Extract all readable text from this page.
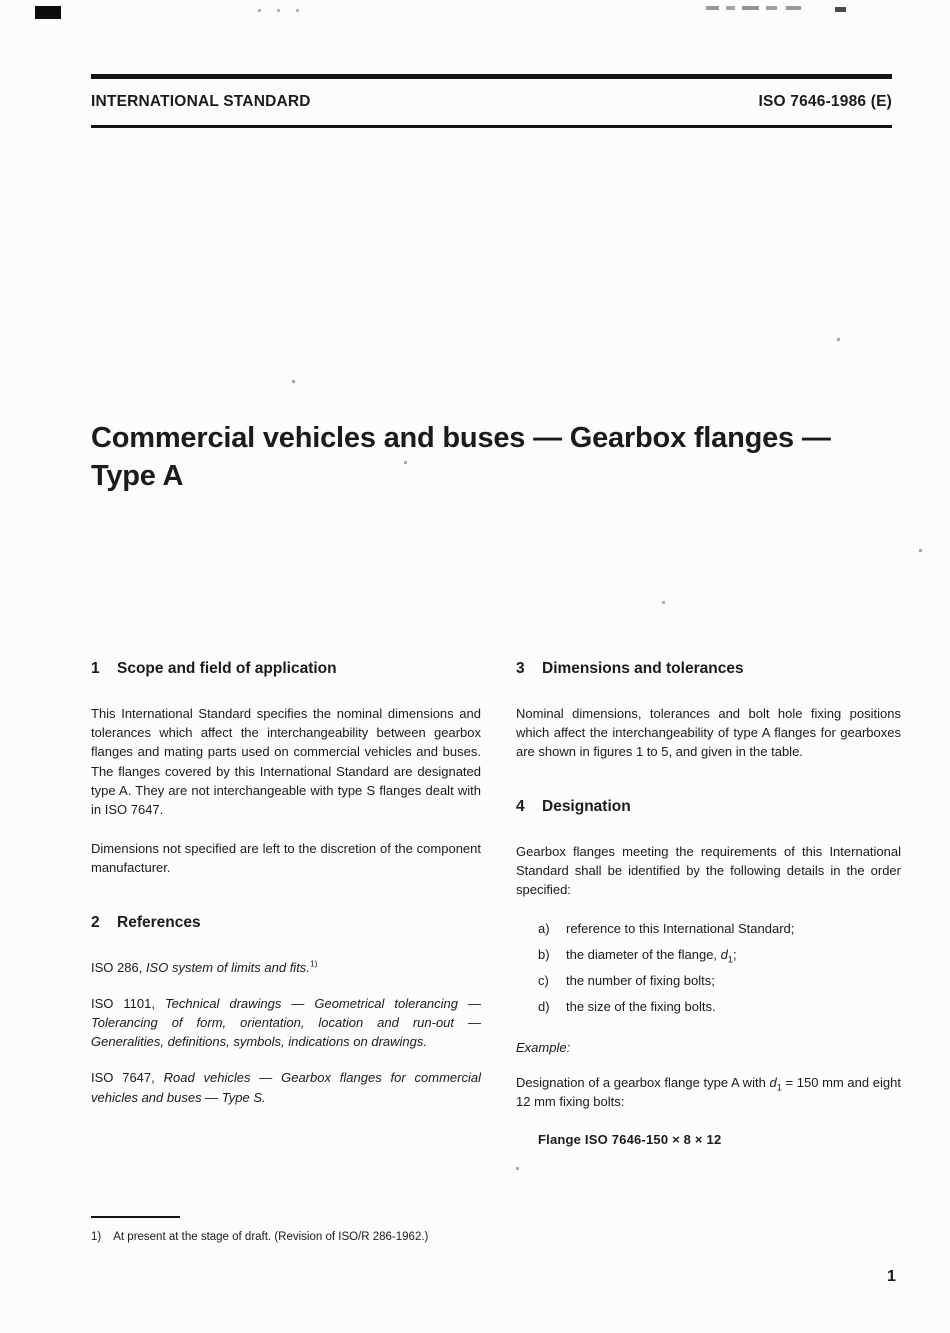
INTERNATIONAL STANDARD	ISO 7646-1986 (E)
Commercial vehicles and buses — Gearbox flanges —
Type A
1 Scope and field of application

This International Standard specifies the nominal dimensions and tolerances which affect the interchangeability between gearbox flanges and mating parts used on commercial vehicles and buses. The flanges covered by this International Standard are designated type A. They are not interchangeable with type S flanges dealt with in ISO 7647.

Dimensions not specified are left to the discretion of the component manufacturer.

2 References

ISO 286, ISO system of limits and fits.$^{1)}$

ISO 1101, Technical drawings — Geometrical tolerancing — Tolerancing of form, orientation, location and run-out — Generalities, definitions, symbols, indications on drawings.

ISO 7647, Road vehicles — Gearbox flanges for commercial vehicles and buses — Type S.

3 Dimensions and tolerances

Nominal dimensions, tolerances and bolt hole fixing positions which affect the interchangeability of type A flanges for gearboxes are shown in figures 1 to 5, and given in the table.

4 Designation

Gearbox flanges meeting the requirements of this International Standard shall be identified by the following details in the order specified:

a)	reference to this International Standard;
b)	the diameter of the flange, $d_1$;
c)	the number of fixing bolts;
d)	the size of the fixing bolts.

Example:

Designation of a gearbox flange type A with $d_1 = 150$ mm and eight 12 mm fixing bolts:

Flange ISO 7646-150 × 8 × 12

1) At present at the stage of draft. (Revision of ISO/R 286-1962.)
1
